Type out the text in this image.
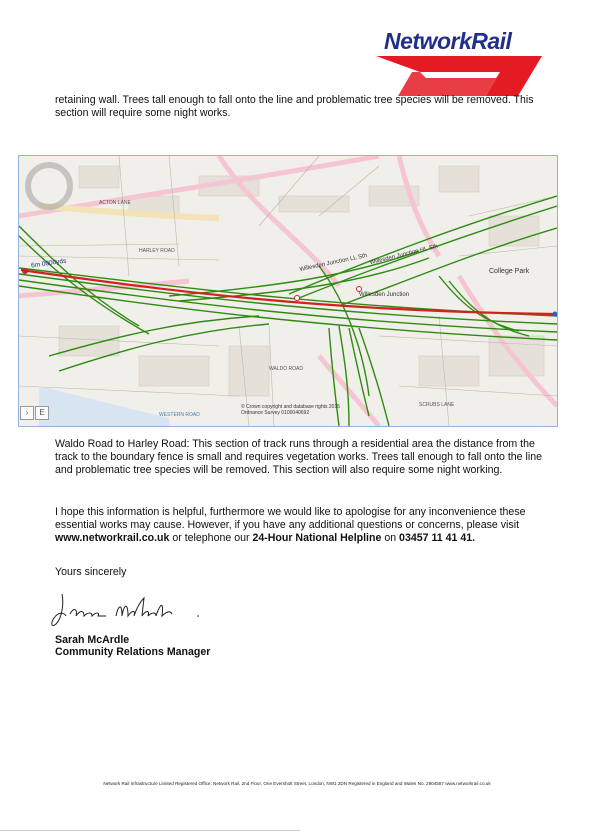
NetworkRail
retaining wall. Trees tall enough to fall onto the line and problematic tree species will be removed. This section will require some night works.
›	E
6m 0000yds	Willesden Junction LL Sth Willesden Junction HL Sth
Willesden Junction
College Park
ACTON LANE
HARLEY ROAD
WALDO ROAD
SCRUBS LANE
WESTERN ROAD
© Crown copyright and database rights 2015
Ordnance Survey 0100040692
Waldo Road to Harley Road: This section of track runs through a residential area the distance from the track to the boundary fence is small and requires vegetation works. Trees tall enough to fall onto the line and problematic tree species will be removed. This section will also require some night working.
I hope this information is helpful, furthermore we would like to apologise for any inconvenience these essential works may cause. However, if you have any additional questions or concerns, please visit www.networkrail.co.uk or telephone our 24-Hour National Helpline on 03457 11 41 41.
Yours sincerely
Sarah McArdle
Community Relations Manager
Network Rail Infrastructure Limited Registered Office: Network Rail, 2nd Floor, One Eversholt Street, London, NW1 2DN Registered in England and Wales No. 2904587 www.networkrail.co.uk
